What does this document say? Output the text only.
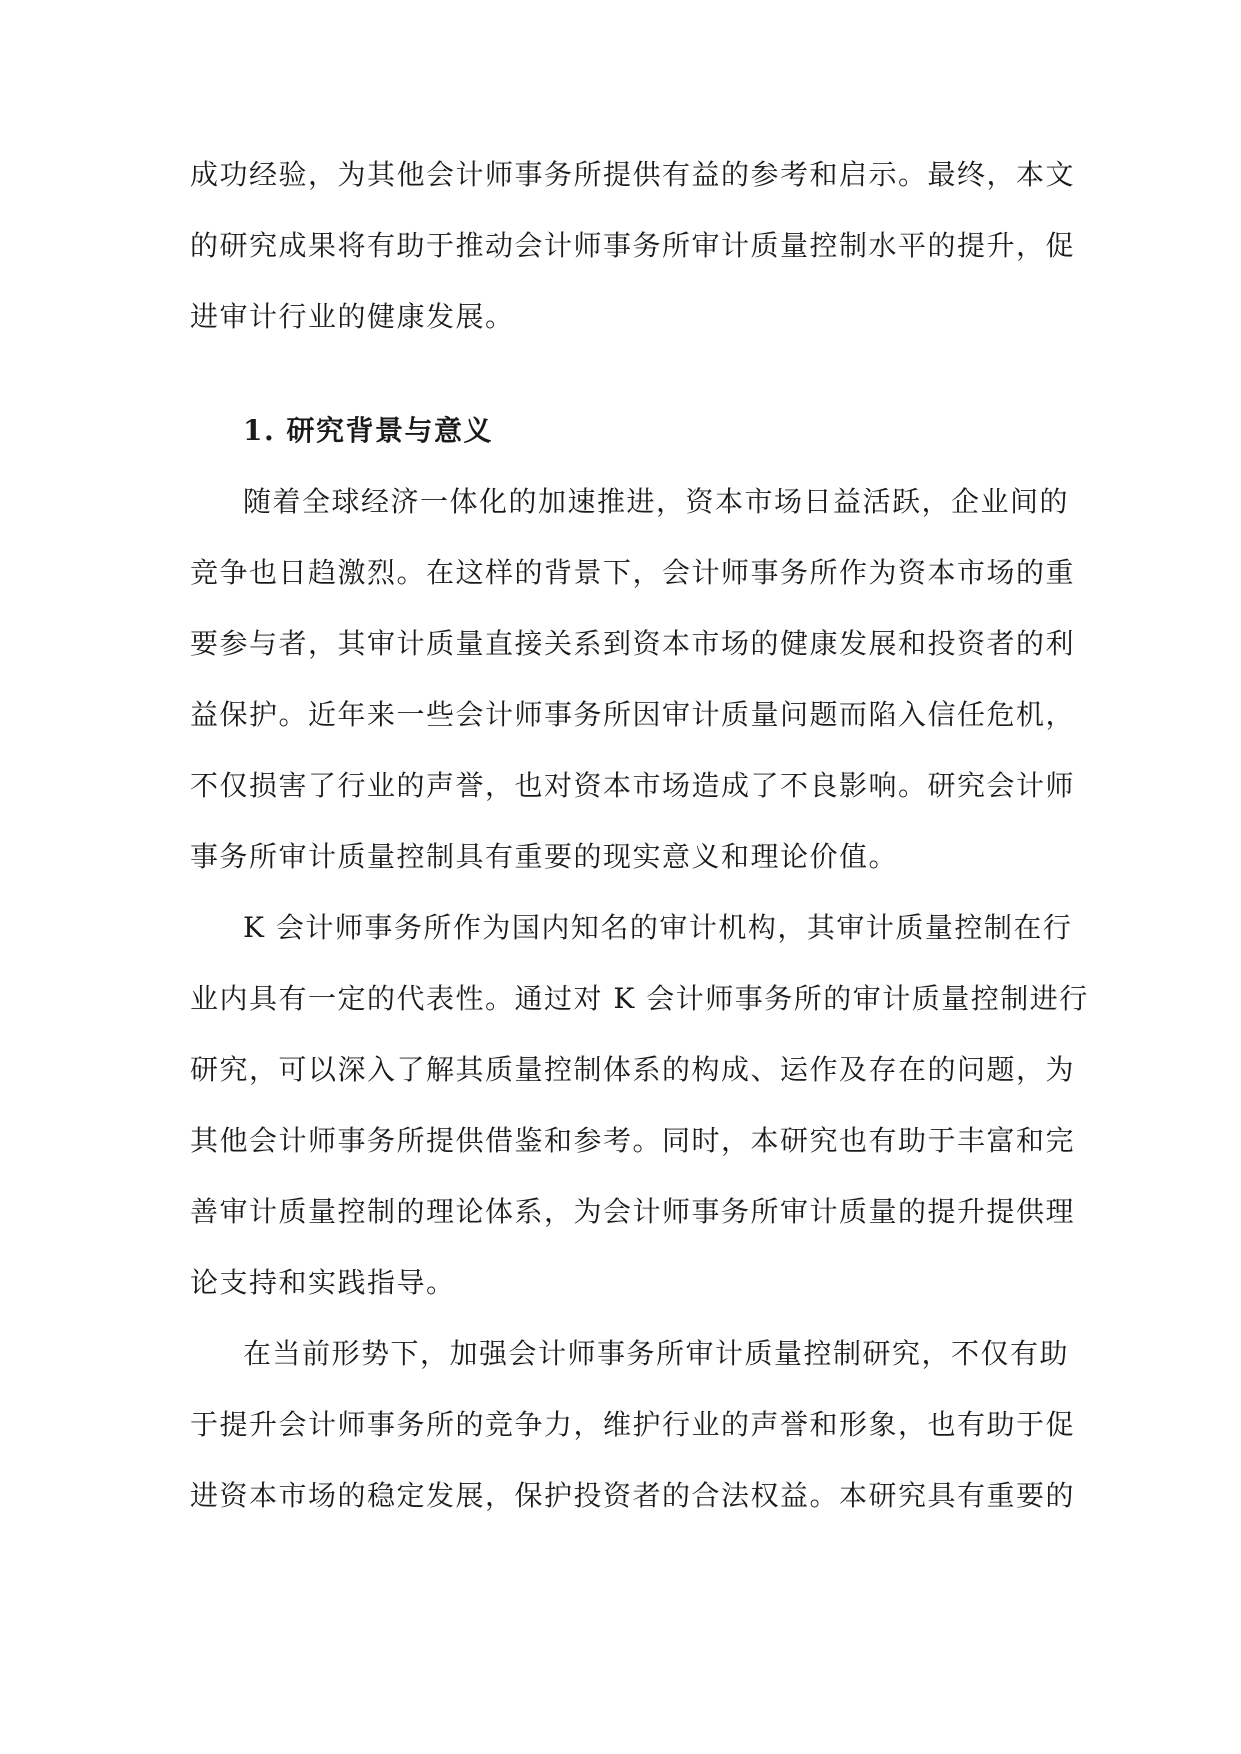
成功经验，为其他会计师事务所提供有益的参考和启示。最终，本文
的研究成果将有助于推动会计师事务所审计质量控制水平的提升，促
进审计行业的健康发展。
1. 研究背景与意义
随着全球经济一体化的加速推进，资本市场日益活跃，企业间的
竞争也日趋激烈。在这样的背景下，会计师事务所作为资本市场的重
要参与者，其审计质量直接关系到资本市场的健康发展和投资者的利
益保护。近年来一些会计师事务所因审计质量问题而陷入信任危机，
不仅损害了行业的声誉，也对资本市场造成了不良影响。研究会计师
事务所审计质量控制具有重要的现实意义和理论价值。
K 会计师事务所作为国内知名的审计机构，其审计质量控制在行
业内具有一定的代表性。通过对 K 会计师事务所的审计质量控制进行
研究，可以深入了解其质量控制体系的构成、运作及存在的问题，为
其他会计师事务所提供借鉴和参考。同时，本研究也有助于丰富和完
善审计质量控制的理论体系，为会计师事务所审计质量的提升提供理
论支持和实践指导。
在当前形势下，加强会计师事务所审计质量控制研究，不仅有助
于提升会计师事务所的竞争力，维护行业的声誉和形象，也有助于促
进资本市场的稳定发展，保护投资者的合法权益。本研究具有重要的
